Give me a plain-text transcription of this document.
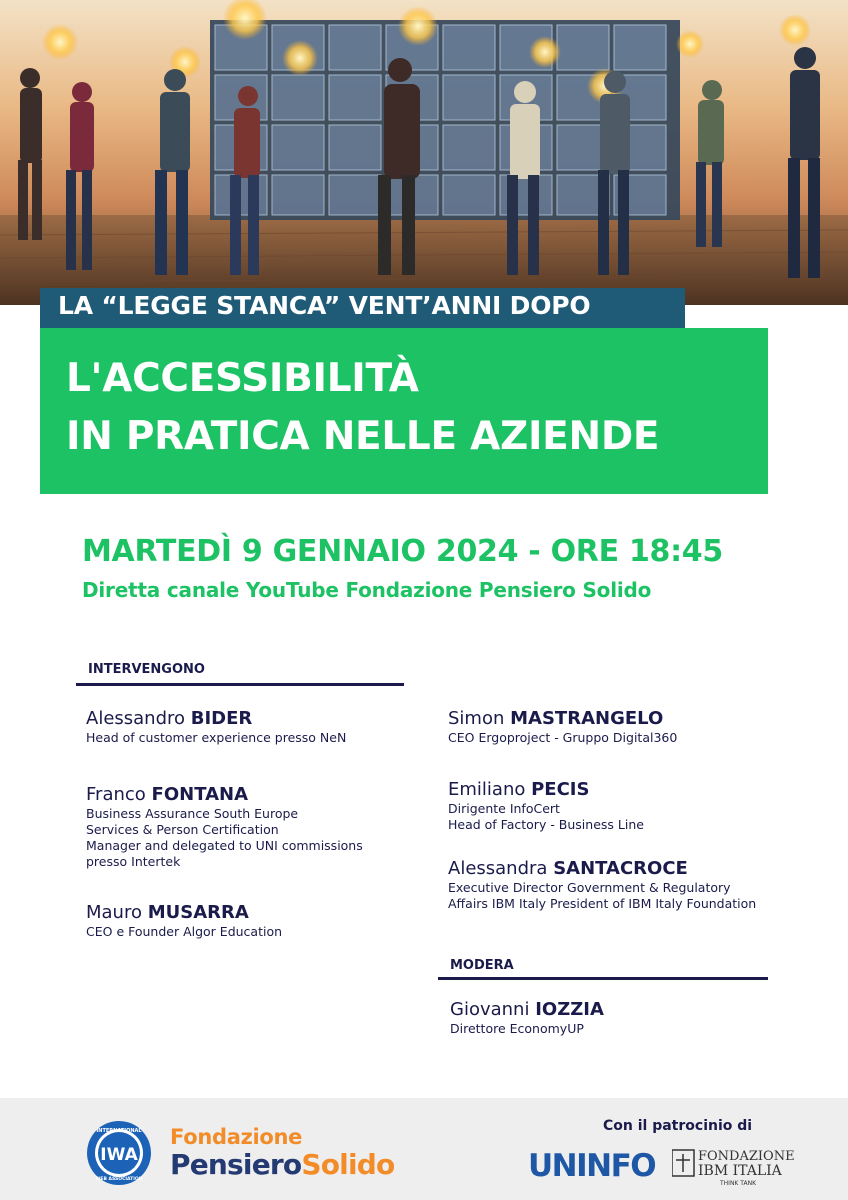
LA “LEGGE STANCA” VENT’ANNI DOPO
L'ACCESSIBILITÀ
IN PRATICA NELLE AZIENDE
MARTEDÌ 9 GENNAIO 2024 - ORE 18:45
Diretta canale YouTube Fondazione Pensiero Solido
INTERVENGONO
Alessandro BIDER
Head of customer experience presso NeN
Franco FONTANA
Business Assurance South Europe
Services & Person Certification
Manager and delegated to UNI commissions
presso Intertek
Mauro MUSARRA
CEO e Founder Algor Education
Simon MASTRANGELO
CEO Ergoproject - Gruppo Digital360
Emiliano PECIS
Dirigente InfoCert
Head of Factory - Business Line
Alessandra SANTACROCE
Executive Director Government & Regulatory
Affairs IBM Italy President of IBM Italy Foundation
MODERA
Giovanni IOZZIA
Direttore EconomyUP
IWA
INTERNATIONAL
WEB ASSOCIATION
Fondazione
PensieroSolido
Con il patrocinio di
UNINFO	FONDAZIONE
IBM ITALIA
THINK TANK
